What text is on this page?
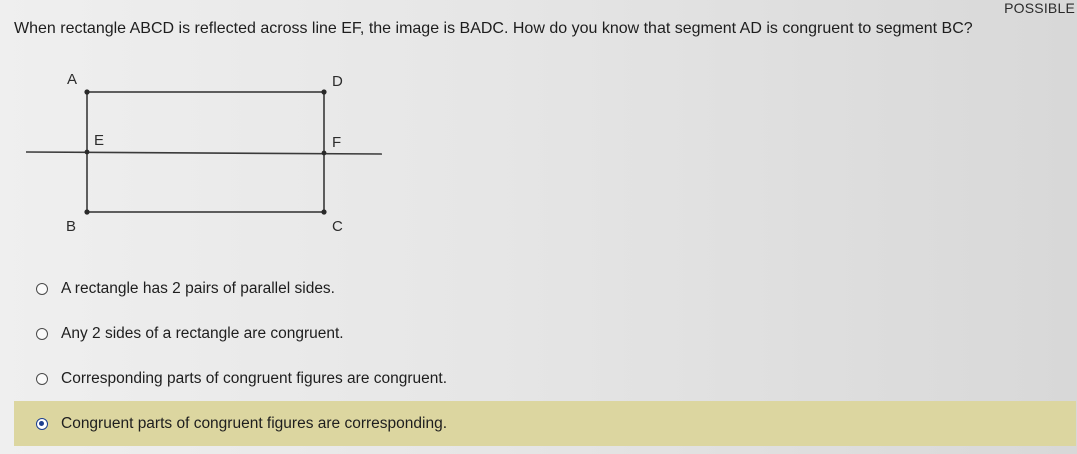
POSSIBLE
When rectangle ABCD is reflected across line EF, the image is BADC. How do you know that segment AD is congruent to segment BC?
A	D
E	F
B	C
A rectangle has 2 pairs of parallel sides.
Any 2 sides of a rectangle are congruent.
Corresponding parts of congruent figures are congruent.
Congruent parts of congruent figures are corresponding.
